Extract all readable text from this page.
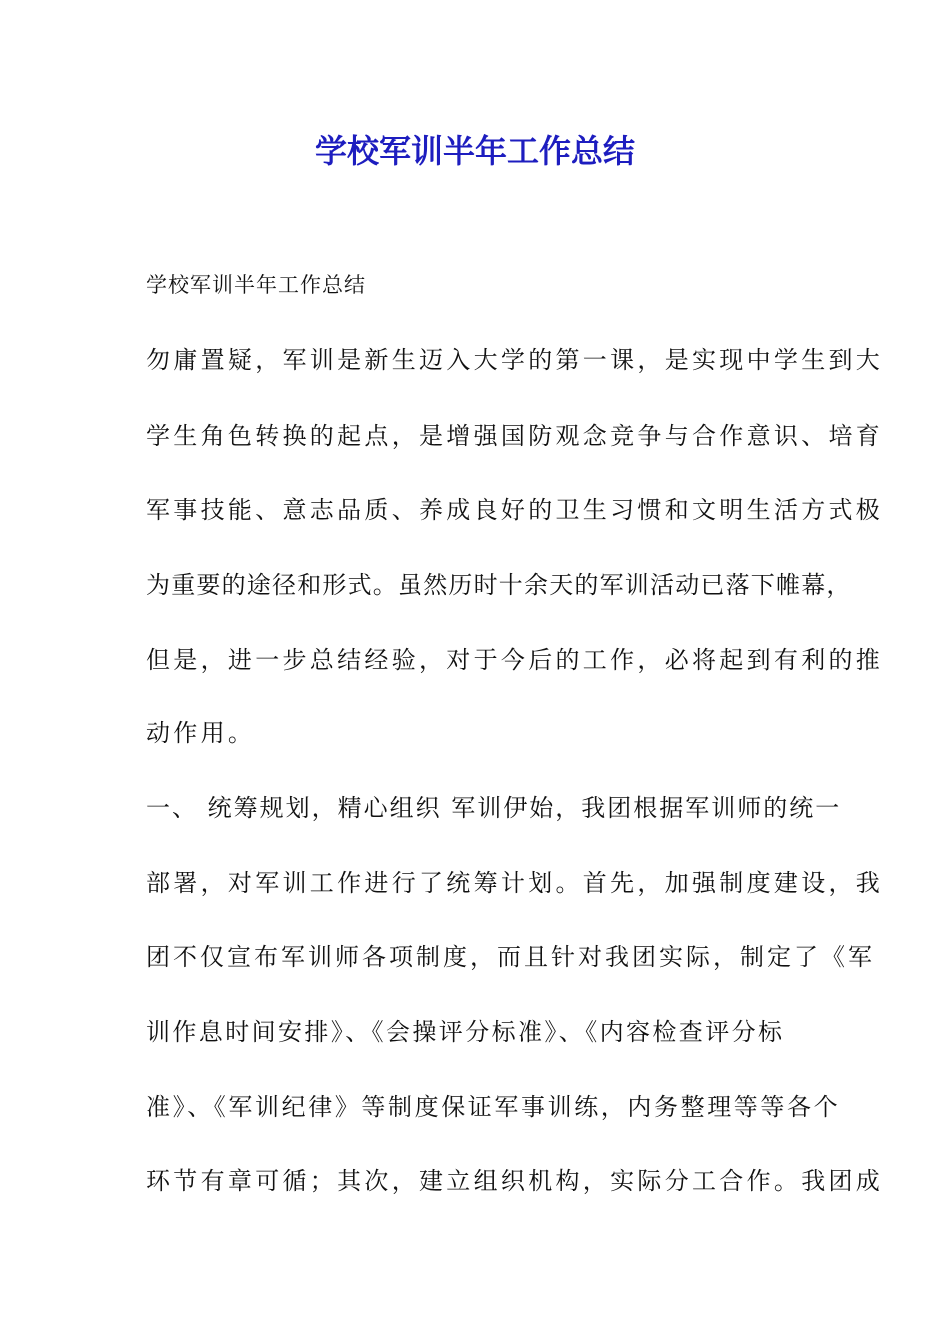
学校军训半年工作总结

学校军训半年工作总结

勿庸置疑，军训是新生迈入大学的第一课，是实现中学生到大

学生角色转换的起点，是增强国防观念竞争与合作意识、培育

军事技能、意志品质、养成良好的卫生习惯和文明生活方式极

为重要的途径和形式。虽然历时十余天的军训活动已落下帷幕，

但是，进一步总结经验，对于今后的工作，必将起到有利的推

动作用。

一、 统筹规划，精心组织 军训伊始，我团根据军训师的统一

部署，对军训工作进行了统筹计划。首先，加强制度建设，我

团不仅宣布军训师各项制度，而且针对我团实际，制定了《军

训作息时间安排》、《会操评分标准》、《内容检查评分标

准》、《军训纪律》等制度保证军事训练，内务整理等等各个

环节有章可循；其次，建立组织机构，实际分工合作。我团成
